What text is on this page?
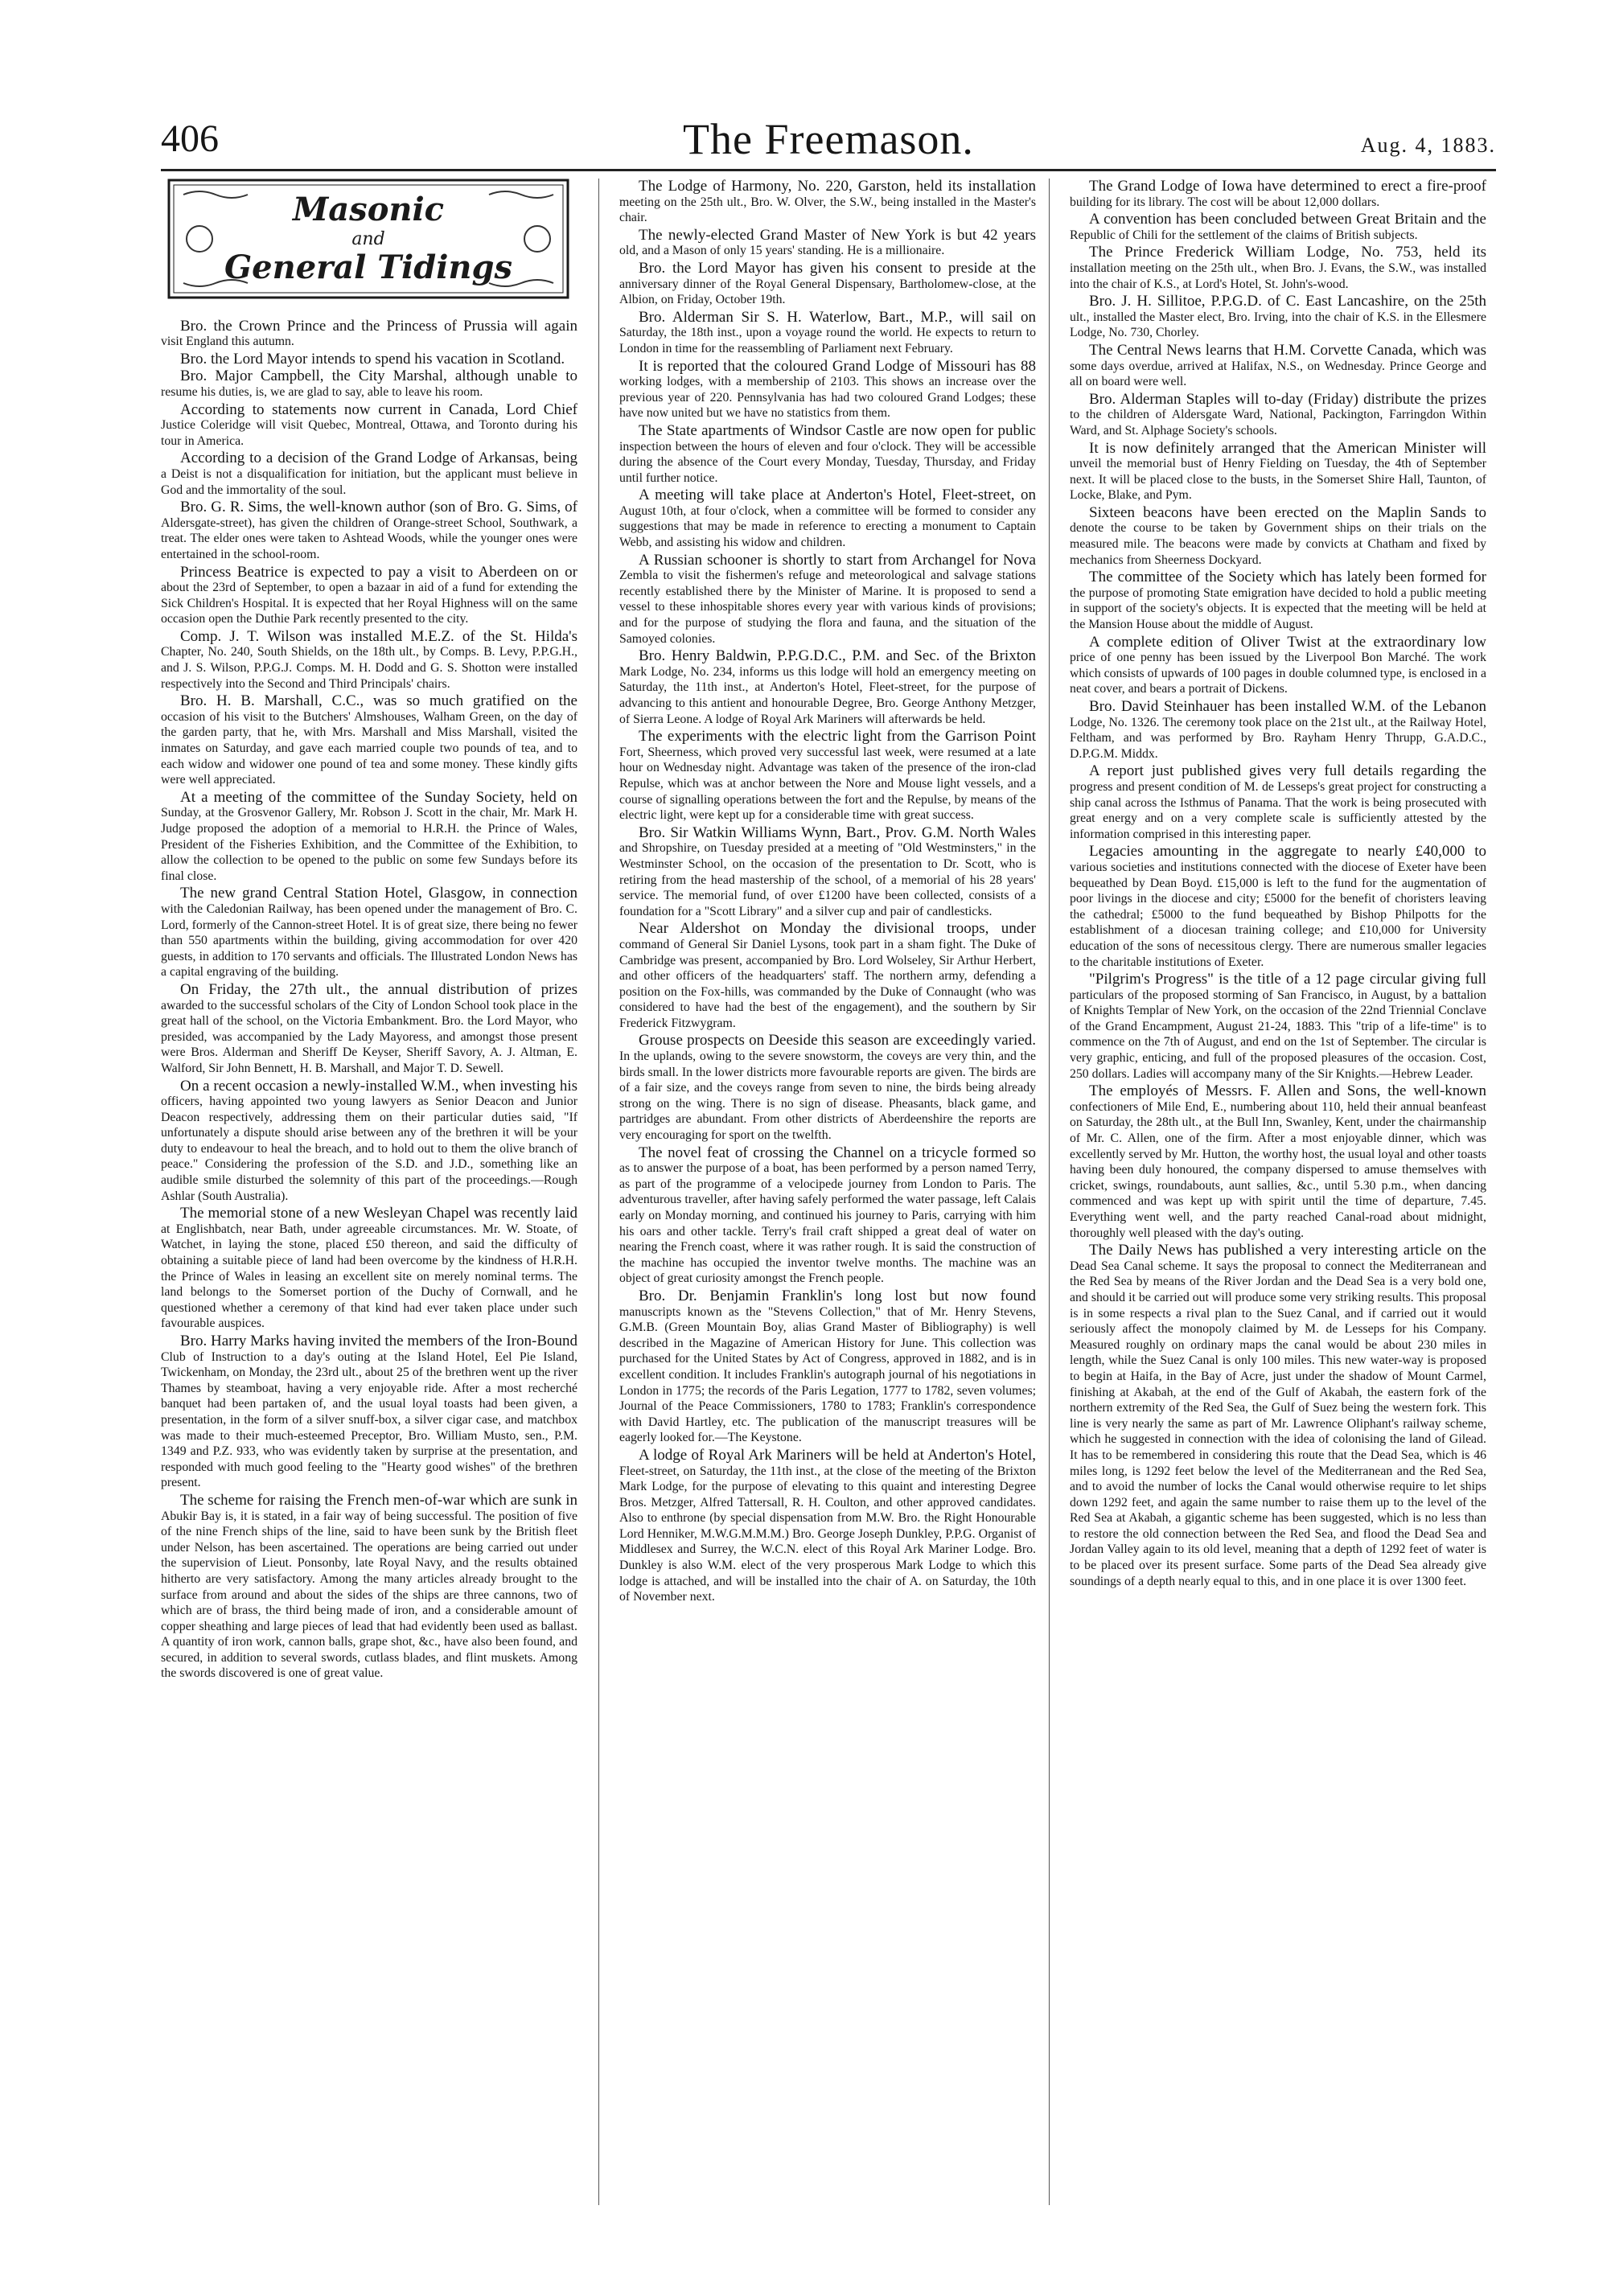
406	The Freemason.	Aug. 4, 1883.
Masonic
and
General Tidings

Bro. the Crown Prince and the Princess of Prussia will again visit England this autumn.

Bro. the Lord Mayor intends to spend his vacation in Scotland.

Bro. Major Campbell, the City Marshal, although unable to resume his duties, is, we are glad to say, able to leave his room.

According to statements now current in Canada, Lord Chief Justice Coleridge will visit Quebec, Montreal, Ottawa, and Toronto during his tour in America.

According to a decision of the Grand Lodge of Arkansas, being a Deist is not a disqualification for initiation, but the applicant must believe in God and the immortality of the soul.

Bro. G. R. Sims, the well-known author (son of Bro. G. Sims, of Aldersgate-street), has given the children of Orange-street School, Southwark, a treat. The elder ones were taken to Ashtead Woods, while the younger ones were entertained in the school-room.

Princess Beatrice is expected to pay a visit to Aberdeen on or about the 23rd of September, to open a bazaar in aid of a fund for extending the Sick Children's Hospital. It is expected that her Royal Highness will on the same occasion open the Duthie Park recently presented to the city.

Comp. J. T. Wilson was installed M.E.Z. of the St. Hilda's Chapter, No. 240, South Shields, on the 18th ult., by Comps. B. Levy, P.P.G.H., and J. S. Wilson, P.P.G.J. Comps. M. H. Dodd and G. S. Shotton were installed respectively into the Second and Third Principals' chairs.

Bro. H. B. Marshall, C.C., was so much gratified on the occasion of his visit to the Butchers' Almshouses, Walham Green, on the day of the garden party, that he, with Mrs. Marshall and Miss Marshall, visited the inmates on Saturday, and gave each married couple two pounds of tea, and to each widow and widower one pound of tea and some money. These kindly gifts were well appreciated.

At a meeting of the committee of the Sunday Society, held on Sunday, at the Grosvenor Gallery, Mr. Robson J. Scott in the chair, Mr. Mark H. Judge proposed the adoption of a memorial to H.R.H. the Prince of Wales, President of the Fisheries Exhibition, and the Committee of the Exhibition, to allow the collection to be opened to the public on some few Sundays before its final close.

The new grand Central Station Hotel, Glasgow, in connection with the Caledonian Railway, has been opened under the management of Bro. C. Lord, formerly of the Cannon-street Hotel. It is of great size, there being no fewer than 550 apartments within the building, giving accommodation for over 420 guests, in addition to 170 servants and officials. The Illustrated London News has a capital engraving of the building.

On Friday, the 27th ult., the annual distribution of prizes awarded to the successful scholars of the City of London School took place in the great hall of the school, on the Victoria Embankment. Bro. the Lord Mayor, who presided, was accompanied by the Lady Mayoress, and amongst those present were Bros. Alderman and Sheriff De Keyser, Sheriff Savory, A. J. Altman, E. Walford, Sir John Bennett, H. B. Marshall, and Major T. D. Sewell.

On a recent occasion a newly-installed W.M., when investing his officers, having appointed two young lawyers as Senior Deacon and Junior Deacon respectively, addressing them on their particular duties said, "If unfortunately a dispute should arise between any of the brethren it will be your duty to endeavour to heal the breach, and to hold out to them the olive branch of peace." Considering the profession of the S.D. and J.D., something like an audible smile disturbed the solemnity of this part of the proceedings.—Rough Ashlar (South Australia).

The memorial stone of a new Wesleyan Chapel was recently laid at Englishbatch, near Bath, under agreeable circumstances. Mr. W. Stoate, of Watchet, in laying the stone, placed £50 thereon, and said the difficulty of obtaining a suitable piece of land had been overcome by the kindness of H.R.H. the Prince of Wales in leasing an excellent site on merely nominal terms. The land belongs to the Somerset portion of the Duchy of Cornwall, and he questioned whether a ceremony of that kind had ever taken place under such favourable auspices.

Bro. Harry Marks having invited the members of the Iron-Bound Club of Instruction to a day's outing at the Island Hotel, Eel Pie Island, Twickenham, on Monday, the 23rd ult., about 25 of the brethren went up the river Thames by steamboat, having a very enjoyable ride. After a most recherché banquet had been partaken of, and the usual loyal toasts had been given, a presentation, in the form of a silver snuff-box, a silver cigar case, and matchbox was made to their much-esteemed Preceptor, Bro. William Musto, sen., P.M. 1349 and P.Z. 933, who was evidently taken by surprise at the presentation, and responded with much good feeling to the "Hearty good wishes" of the brethren present.

The scheme for raising the French men-of-war which are sunk in Abukir Bay is, it is stated, in a fair way of being successful. The position of five of the nine French ships of the line, said to have been sunk by the British fleet under Nelson, has been ascertained. The operations are being carried out under the supervision of Lieut. Ponsonby, late Royal Navy, and the results obtained hitherto are very satisfactory. Among the many articles already brought to the surface from around and about the sides of the ships are three cannons, two of which are of brass, the third being made of iron, and a considerable amount of copper sheathing and large pieces of lead that had evidently been used as ballast. A quantity of iron work, cannon balls, grape shot, &c., have also been found, and secured, in addition to several swords, cutlass blades, and flint muskets. Among the swords discovered is one of great value.

The Lodge of Harmony, No. 220, Garston, held its installation meeting on the 25th ult., Bro. W. Olver, the S.W., being installed in the Master's chair.

The newly-elected Grand Master of New York is but 42 years old, and a Mason of only 15 years' standing. He is a millionaire.

Bro. the Lord Mayor has given his consent to preside at the anniversary dinner of the Royal General Dispensary, Bartholomew-close, at the Albion, on Friday, October 19th.

Bro. Alderman Sir S. H. Waterlow, Bart., M.P., will sail on Saturday, the 18th inst., upon a voyage round the world. He expects to return to London in time for the reassembling of Parliament next February.

It is reported that the coloured Grand Lodge of Missouri has 88 working lodges, with a membership of 2103. This shows an increase over the previous year of 220. Pennsylvania has had two coloured Grand Lodges; these have now united but we have no statistics from them.

The State apartments of Windsor Castle are now open for public inspection between the hours of eleven and four o'clock. They will be accessible during the absence of the Court every Monday, Tuesday, Thursday, and Friday until further notice.

A meeting will take place at Anderton's Hotel, Fleet-street, on August 10th, at four o'clock, when a committee will be formed to consider any suggestions that may be made in reference to erecting a monument to Captain Webb, and assisting his widow and children.

A Russian schooner is shortly to start from Archangel for Nova Zembla to visit the fishermen's refuge and meteorological and salvage stations recently established there by the Minister of Marine. It is proposed to send a vessel to these inhospitable shores every year with various kinds of provisions; and for the purpose of studying the flora and fauna, and the situation of the Samoyed colonies.

Bro. Henry Baldwin, P.P.G.D.C., P.M. and Sec. of the Brixton Mark Lodge, No. 234, informs us this lodge will hold an emergency meeting on Saturday, the 11th inst., at Anderton's Hotel, Fleet-street, for the purpose of advancing to this antient and honourable Degree, Bro. George Anthony Metzger, of Sierra Leone. A lodge of Royal Ark Mariners will afterwards be held.

The experiments with the electric light from the Garrison Point Fort, Sheerness, which proved very successful last week, were resumed at a late hour on Wednesday night. Advantage was taken of the presence of the iron-clad Repulse, which was at anchor between the Nore and Mouse light vessels, and a course of signalling operations between the fort and the Repulse, by means of the electric light, were kept up for a considerable time with great success.

Bro. Sir Watkin Williams Wynn, Bart., Prov. G.M. North Wales and Shropshire, on Tuesday presided at a meeting of "Old Westminsters," in the Westminster School, on the occasion of the presentation to Dr. Scott, who is retiring from the head mastership of the school, of a memorial of his 28 years' service. The memorial fund, of over £1200 have been collected, consists of a foundation for a "Scott Library" and a silver cup and pair of candlesticks.

Near Aldershot on Monday the divisional troops, under command of General Sir Daniel Lysons, took part in a sham fight. The Duke of Cambridge was present, accompanied by Bro. Lord Wolseley, Sir Arthur Herbert, and other officers of the headquarters' staff. The northern army, defending a position on the Fox-hills, was commanded by the Duke of Connaught (who was considered to have had the best of the engagement), and the southern by Sir Frederick Fitzwygram.

Grouse prospects on Deeside this season are exceedingly varied. In the uplands, owing to the severe snowstorm, the coveys are very thin, and the birds small. In the lower districts more favourable reports are given. The birds are of a fair size, and the coveys range from seven to nine, the birds being already strong on the wing. There is no sign of disease. Pheasants, black game, and partridges are abundant. From other districts of Aberdeenshire the reports are very encouraging for sport on the twelfth.

The novel feat of crossing the Channel on a tricycle formed so as to answer the purpose of a boat, has been performed by a person named Terry, as part of the programme of a velocipede journey from London to Paris. The adventurous traveller, after having safely performed the water passage, left Calais early on Monday morning, and continued his journey to Paris, carrying with him his oars and other tackle. Terry's frail craft shipped a great deal of water on nearing the French coast, where it was rather rough. It is said the construction of the machine has occupied the inventor twelve months. The machine was an object of great curiosity amongst the French people.

Bro. Dr. Benjamin Franklin's long lost but now found manuscripts known as the "Stevens Collection," that of Mr. Henry Stevens, G.M.B. (Green Mountain Boy, alias Grand Master of Bibliography) is well described in the Magazine of American History for June. This collection was purchased for the United States by Act of Congress, approved in 1882, and is in excellent condition. It includes Franklin's autograph journal of his negotiations in London in 1775; the records of the Paris Legation, 1777 to 1782, seven volumes; Journal of the Peace Commissioners, 1780 to 1783; Franklin's correspondence with David Hartley, etc. The publication of the manuscript treasures will be eagerly looked for.—The Keystone.

A lodge of Royal Ark Mariners will be held at Anderton's Hotel, Fleet-street, on Saturday, the 11th inst., at the close of the meeting of the Brixton Mark Lodge, for the purpose of elevating to this quaint and interesting Degree Bros. Metzger, Alfred Tattersall, R. H. Coulton, and other approved candidates. Also to enthrone (by special dispensation from M.W. Bro. the Right Honourable Lord Henniker, M.W.G.M.M.M.) Bro. George Joseph Dunkley, P.P.G. Organist of Middlesex and Surrey, the W.C.N. elect of this Royal Ark Mariner Lodge. Bro. Dunkley is also W.M. elect of the very prosperous Mark Lodge to which this lodge is attached, and will be installed into the chair of A. on Saturday, the 10th of November next.

The Grand Lodge of Iowa have determined to erect a fire-proof building for its library. The cost will be about 12,000 dollars.

A convention has been concluded between Great Britain and the Republic of Chili for the settlement of the claims of British subjects.

The Prince Frederick William Lodge, No. 753, held its installation meeting on the 25th ult., when Bro. J. Evans, the S.W., was installed into the chair of K.S., at Lord's Hotel, St. John's-wood.

Bro. J. H. Sillitoe, P.P.G.D. of C. East Lancashire, on the 25th ult., installed the Master elect, Bro. Irving, into the chair of K.S. in the Ellesmere Lodge, No. 730, Chorley.

The Central News learns that H.M. Corvette Canada, which was some days overdue, arrived at Halifax, N.S., on Wednesday. Prince George and all on board were well.

Bro. Alderman Staples will to-day (Friday) distribute the prizes to the children of Aldersgate Ward, National, Packington, Farringdon Within Ward, and St. Alphage Society's schools.

It is now definitely arranged that the American Minister will unveil the memorial bust of Henry Fielding on Tuesday, the 4th of September next. It will be placed close to the busts, in the Somerset Shire Hall, Taunton, of Locke, Blake, and Pym.

Sixteen beacons have been erected on the Maplin Sands to denote the course to be taken by Government ships on their trials on the measured mile. The beacons were made by convicts at Chatham and fixed by mechanics from Sheerness Dockyard.

The committee of the Society which has lately been formed for the purpose of promoting State emigration have decided to hold a public meeting in support of the society's objects. It is expected that the meeting will be held at the Mansion House about the middle of August.

A complete edition of Oliver Twist at the extraordinary low price of one penny has been issued by the Liverpool Bon Marché. The work which consists of upwards of 100 pages in double columned type, is enclosed in a neat cover, and bears a portrait of Dickens.

Bro. David Steinhauer has been installed W.M. of the Lebanon Lodge, No. 1326. The ceremony took place on the 21st ult., at the Railway Hotel, Feltham, and was performed by Bro. Rayham Henry Thrupp, G.A.D.C., D.P.G.M. Middx.

A report just published gives very full details regarding the progress and present condition of M. de Lesseps's great project for constructing a ship canal across the Isthmus of Panama. That the work is being prosecuted with great energy and on a very complete scale is sufficiently attested by the information comprised in this interesting paper.

Legacies amounting in the aggregate to nearly £40,000 to various societies and institutions connected with the diocese of Exeter have been bequeathed by Dean Boyd. £15,000 is left to the fund for the augmentation of poor livings in the diocese and city; £5000 for the benefit of choristers leaving the cathedral; £5000 to the fund bequeathed by Bishop Philpotts for the establishment of a diocesan training college; and £10,000 for University education of the sons of necessitous clergy. There are numerous smaller legacies to the charitable institutions of Exeter.

"Pilgrim's Progress" is the title of a 12 page circular giving full particulars of the proposed storming of San Francisco, in August, by a battalion of Knights Templar of New York, on the occasion of the 22nd Triennial Conclave of the Grand Encampment, August 21-24, 1883. This "trip of a life-time" is to commence on the 7th of August, and end on the 1st of September. The circular is very graphic, enticing, and full of the proposed pleasures of the occasion. Cost, 250 dollars. Ladies will accompany many of the Sir Knights.—Hebrew Leader.

The employés of Messrs. F. Allen and Sons, the well-known confectioners of Mile End, E., numbering about 110, held their annual beanfeast on Saturday, the 28th ult., at the Bull Inn, Swanley, Kent, under the chairmanship of Mr. C. Allen, one of the firm. After a most enjoyable dinner, which was excellently served by Mr. Hutton, the worthy host, the usual loyal and other toasts having been duly honoured, the company dispersed to amuse themselves with cricket, swings, roundabouts, aunt sallies, &c., until 5.30 p.m., when dancing commenced and was kept up with spirit until the time of departure, 7.45. Everything went well, and the party reached Canal-road about midnight, thoroughly well pleased with the day's outing.

The Daily News has published a very interesting article on the Dead Sea Canal scheme. It says the proposal to connect the Mediterranean and the Red Sea by means of the River Jordan and the Dead Sea is a very bold one, and should it be carried out will produce some very striking results. This proposal is in some respects a rival plan to the Suez Canal, and if carried out it would seriously affect the monopoly claimed by M. de Lesseps for his Company. Measured roughly on ordinary maps the canal would be about 230 miles in length, while the Suez Canal is only 100 miles. This new water-way is proposed to begin at Haifa, in the Bay of Acre, just under the shadow of Mount Carmel, finishing at Akabah, at the end of the Gulf of Akabah, the eastern fork of the northern extremity of the Red Sea, the Gulf of Suez being the western fork. This line is very nearly the same as part of Mr. Lawrence Oliphant's railway scheme, which he suggested in connection with the idea of colonising the land of Gilead. It has to be remembered in considering this route that the Dead Sea, which is 46 miles long, is 1292 feet below the level of the Mediterranean and the Red Sea, and to avoid the number of locks the Canal would otherwise require to let ships down 1292 feet, and again the same number to raise them up to the level of the Red Sea at Akabah, a gigantic scheme has been suggested, which is no less than to restore the old connection between the Red Sea, and flood the Dead Sea and Jordan Valley again to its old level, meaning that a depth of 1292 feet of water is to be placed over its present surface. Some parts of the Dead Sea already give soundings of a depth nearly equal to this, and in one place it is over 1300 feet.
